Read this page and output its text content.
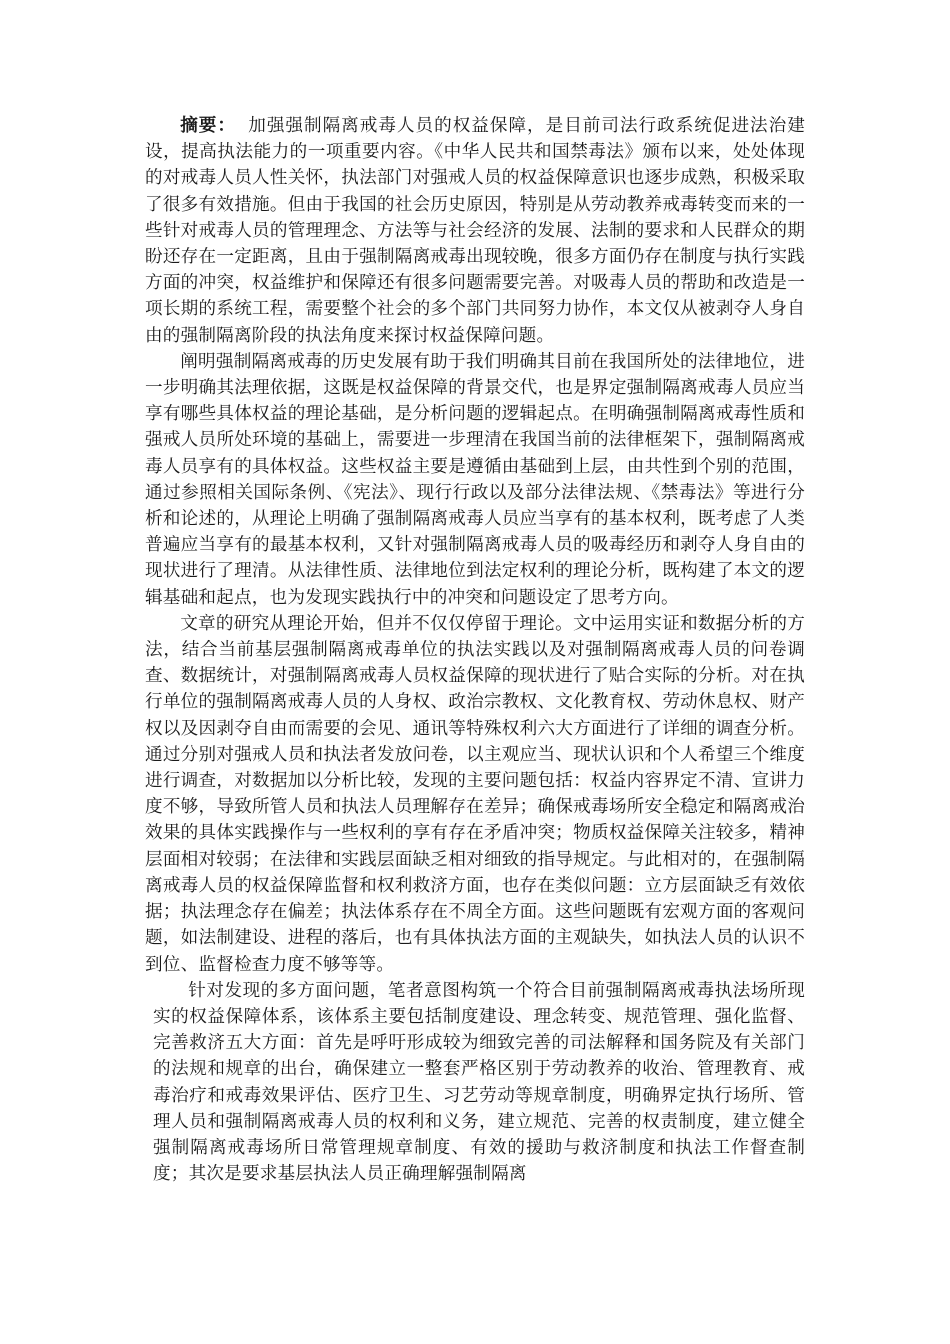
摘要： 加强强制隔离戒毒人员的权益保障，是目前司法行政系统促进法治建设，提高执法能力的一项重要内容。《中华人民共和国禁毒法》颁布以来，处处体现的对戒毒人员人性关怀，执法部门对强戒人员的权益保障意识也逐步成熟，积极采取了很多有效措施。但由于我国的社会历史原因，特别是从劳动教养戒毒转变而来的一些针对戒毒人员的管理理念、方法等与社会经济的发展、法制的要求和人民群众的期盼还存在一定距离，且由于强制隔离戒毒出现较晚，很多方面仍存在制度与执行实践方面的冲突，权益维护和保障还有很多问题需要完善。对吸毒人员的帮助和改造是一项长期的系统工程，需要整个社会的多个部门共同努力协作，本文仅从被剥夺人身自由的强制隔离阶段的执法角度来探讨权益保障问题。

阐明强制隔离戒毒的历史发展有助于我们明确其目前在我国所处的法律地位，进一步明确其法理依据，这既是权益保障的背景交代，也是界定强制隔离戒毒人员应当享有哪些具体权益的理论基础，是分析问题的逻辑起点。在明确强制隔离戒毒性质和强戒人员所处环境的基础上，需要进一步理清在我国当前的法律框架下，强制隔离戒毒人员享有的具体权益。这些权益主要是遵循由基础到上层，由共性到个别的范围，通过参照相关国际条例、《宪法》、现行行政以及部分法律法规、《禁毒法》等进行分析和论述的，从理论上明确了强制隔离戒毒人员应当享有的基本权利，既考虑了人类普遍应当享有的最基本权利，又针对强制隔离戒毒人员的吸毒经历和剥夺人身自由的现状进行了理清。从法律性质、法律地位到法定权利的理论分析，既构建了本文的逻辑基础和起点，也为发现实践执行中的冲突和问题设定了思考方向。

文章的研究从理论开始，但并不仅仅停留于理论。文中运用实证和数据分析的方法，结合当前基层强制隔离戒毒单位的执法实践以及对强制隔离戒毒人员的问卷调查、数据统计，对强制隔离戒毒人员权益保障的现状进行了贴合实际的分析。对在执行单位的强制隔离戒毒人员的人身权、政治宗教权、文化教育权、劳动休息权、财产权以及因剥夺自由而需要的会见、通讯等特殊权利六大方面进行了详细的调查分析。通过分别对强戒人员和执法者发放问卷，以主观应当、现状认识和个人希望三个维度进行调查，对数据加以分析比较，发现的主要问题包括：权益内容界定不清、宣讲力度不够，导致所管人员和执法人员理解存在差异；确保戒毒场所安全稳定和隔离戒治效果的具体实践操作与一些权利的享有存在矛盾冲突；物质权益保障关注较多，精神层面相对较弱；在法律和实践层面缺乏相对细致的指导规定。与此相对的，在强制隔离戒毒人员的权益保障监督和权利救济方面，也存在类似问题：立方层面缺乏有效依据；执法理念存在偏差；执法体系存在不周全方面。这些问题既有宏观方面的客观问题，如法制建设、进程的落后，也有具体执法方面的主观缺失，如执法人员的认识不到位、监督检查力度不够等等。

针对发现的多方面问题，笔者意图构筑一个符合目前强制隔离戒毒执法场所现实的权益保障体系，该体系主要包括制度建设、理念转变、规范管理、强化监督、完善救济五大方面：首先是呼吁形成较为细致完善的司法解释和国务院及有关部门的法规和规章的出台，确保建立一整套严格区别于劳动教养的收治、管理教育、戒毒治疗和戒毒效果评估、医疗卫生、习艺劳动等规章制度，明确界定执行场所、管理人员和强制隔离戒毒人员的权利和义务，建立规范、完善的权责制度，建立健全强制隔离戒毒场所日常管理规章制度、有效的援助与救济制度和执法工作督查制度；其次是要求基层执法人员正确理解强制隔离
